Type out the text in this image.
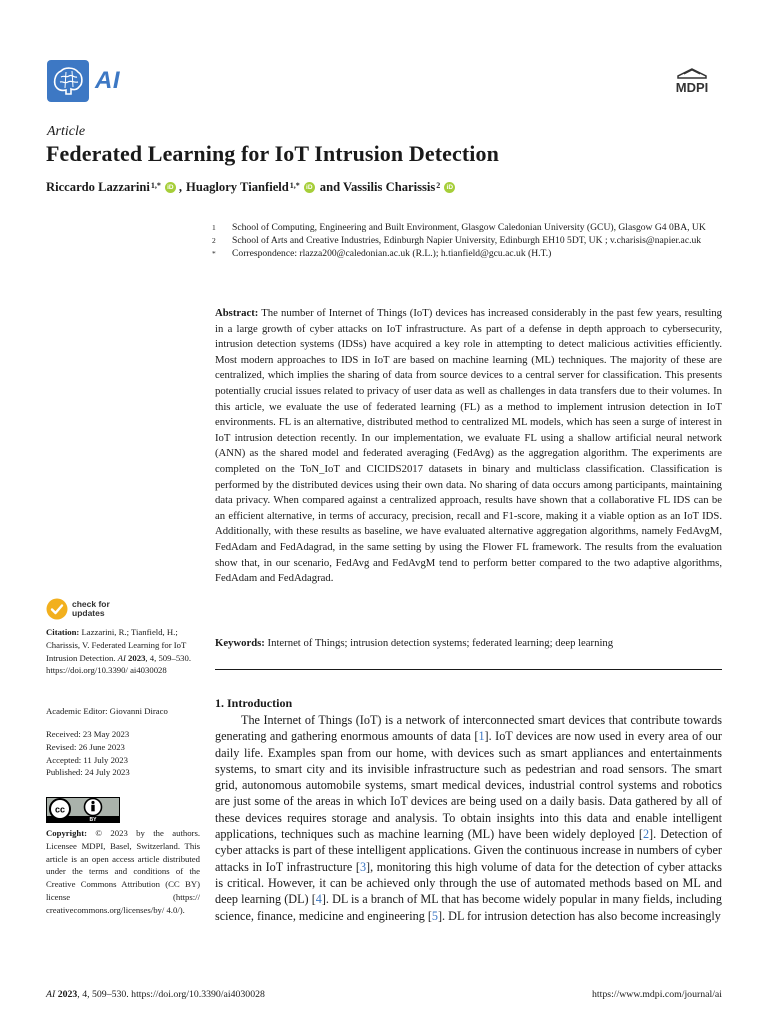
AI	MDPI
Article
Federated Learning for IoT Intrusion Detection
Riccardo Lazzarini$^{1,*}$ iD , Huaglory Tianfield$^{1,*}$ iD and Vassilis Charissis$^2$ iD
1	School of Computing, Engineering and Built Environment, Glasgow Caledonian University (GCU), Glasgow G4 0BA, UK
2	School of Arts and Creative Industries, Edinburgh Napier University, Edinburgh EH10 5DT, UK ; v.charisis@napier.ac.uk
*	Correspondence: rlazza200@caledonian.ac.uk (R.L.); h.tianfield@gcu.ac.uk (H.T.)
Abstract: The number of Internet of Things (IoT) devices has increased considerably in the past few years, resulting in a large growth of cyber attacks on IoT infrastructure. As part of a defense in depth approach to cybersecurity, intrusion detection systems (IDSs) have acquired a key role in attempting to detect malicious activities efficiently. Most modern approaches to IDS in IoT are based on machine learning (ML) techniques. The majority of these are centralized, which implies the sharing of data from source devices to a central server for classification. This presents potentially crucial issues related to privacy of user data as well as challenges in data transfers due to their volumes. In this article, we evaluate the use of federated learning (FL) as a method to implement intrusion detection in IoT environments. FL is an alternative, distributed method to centralized ML models, which has seen a surge of interest in IoT intrusion detection recently. In our implementation, we evaluate FL using a shallow artificial neural network (ANN) as the shared model and federated averaging (FedAvg) as the aggregation algorithm. The experiments are completed on the ToN_IoT and CICIDS2017 datasets in binary and multiclass classification. Classification is performed by the distributed devices using their own data. No sharing of data occurs among participants, maintaining data privacy. When compared against a centralized approach, results have shown that a collaborative FL IDS can be an efficient alternative, in terms of accuracy, precision, recall and F1-score, making it a viable option as an IoT IDS. Additionally, with these results as baseline, we have evaluated alternative aggregation algorithms, namely FedAvgM, FedAdam and FedAdagrad, in the same setting by using the Flower FL framework. The results from the evaluation show that, in our scenario, FedAvg and FedAvgM tend to perform better compared to the two adaptive algorithms, FedAdam and FedAdagrad.
Keywords: Internet of Things; intrusion detection systems; federated learning; deep learning
1. Introduction

The Internet of Things (IoT) is a network of interconnected smart devices that contribute towards generating and gathering enormous amounts of data [1]. IoT devices are now used in every area of our daily life. Examples span from our home, with devices such as smart appliances and entertainments systems, to smart city and its invisible infrastructure such as pedestrian and road sensors. The smart grid, autonomous automobile systems, smart medical devices, industrial control systems and robotics are just some of the areas in which IoT devices are being used on a daily basis. Data gathered by all of these devices requires storage and analysis. To obtain insights into this data and enable intelligent applications, techniques such as machine learning (ML) have been widely deployed [2]. Detection of cyber attacks is part of these intelligent applications. Given the continuous increase in numbers of cyber attacks in IoT infrastructure [3], monitoring this high volume of data for the detection of cyber attacks is critical. However, it can be achieved only through the use of automated methods based on ML and deep learning (DL) [4]. DL is a branch of ML that has become widely popular in many fields, including science, finance, medicine and engineering [5]. DL for intrusion detection has also become increasingly

check for
updates
Citation: Lazzarini, R.; Tianfield, H.; Charissis, V. Federated Learning for IoT Intrusion Detection. AI 2023, 4, 509–530. https://doi.org/10.3390/ ai4030028
Academic Editor: Giovanni Diraco
Received: 23 May 2023
Revised: 26 June 2023
Accepted: 11 July 2023
Published: 24 July 2023
cc
BY
Copyright: © 2023 by the authors. Licensee MDPI, Basel, Switzerland. This article is an open access article distributed under the terms and conditions of the Creative Commons Attribution (CC BY) license (https:// creativecommons.org/licenses/by/ 4.0/).
AI 2023, 4, 509–530. https://doi.org/10.3390/ai4030028	https://www.mdpi.com/journal/ai
